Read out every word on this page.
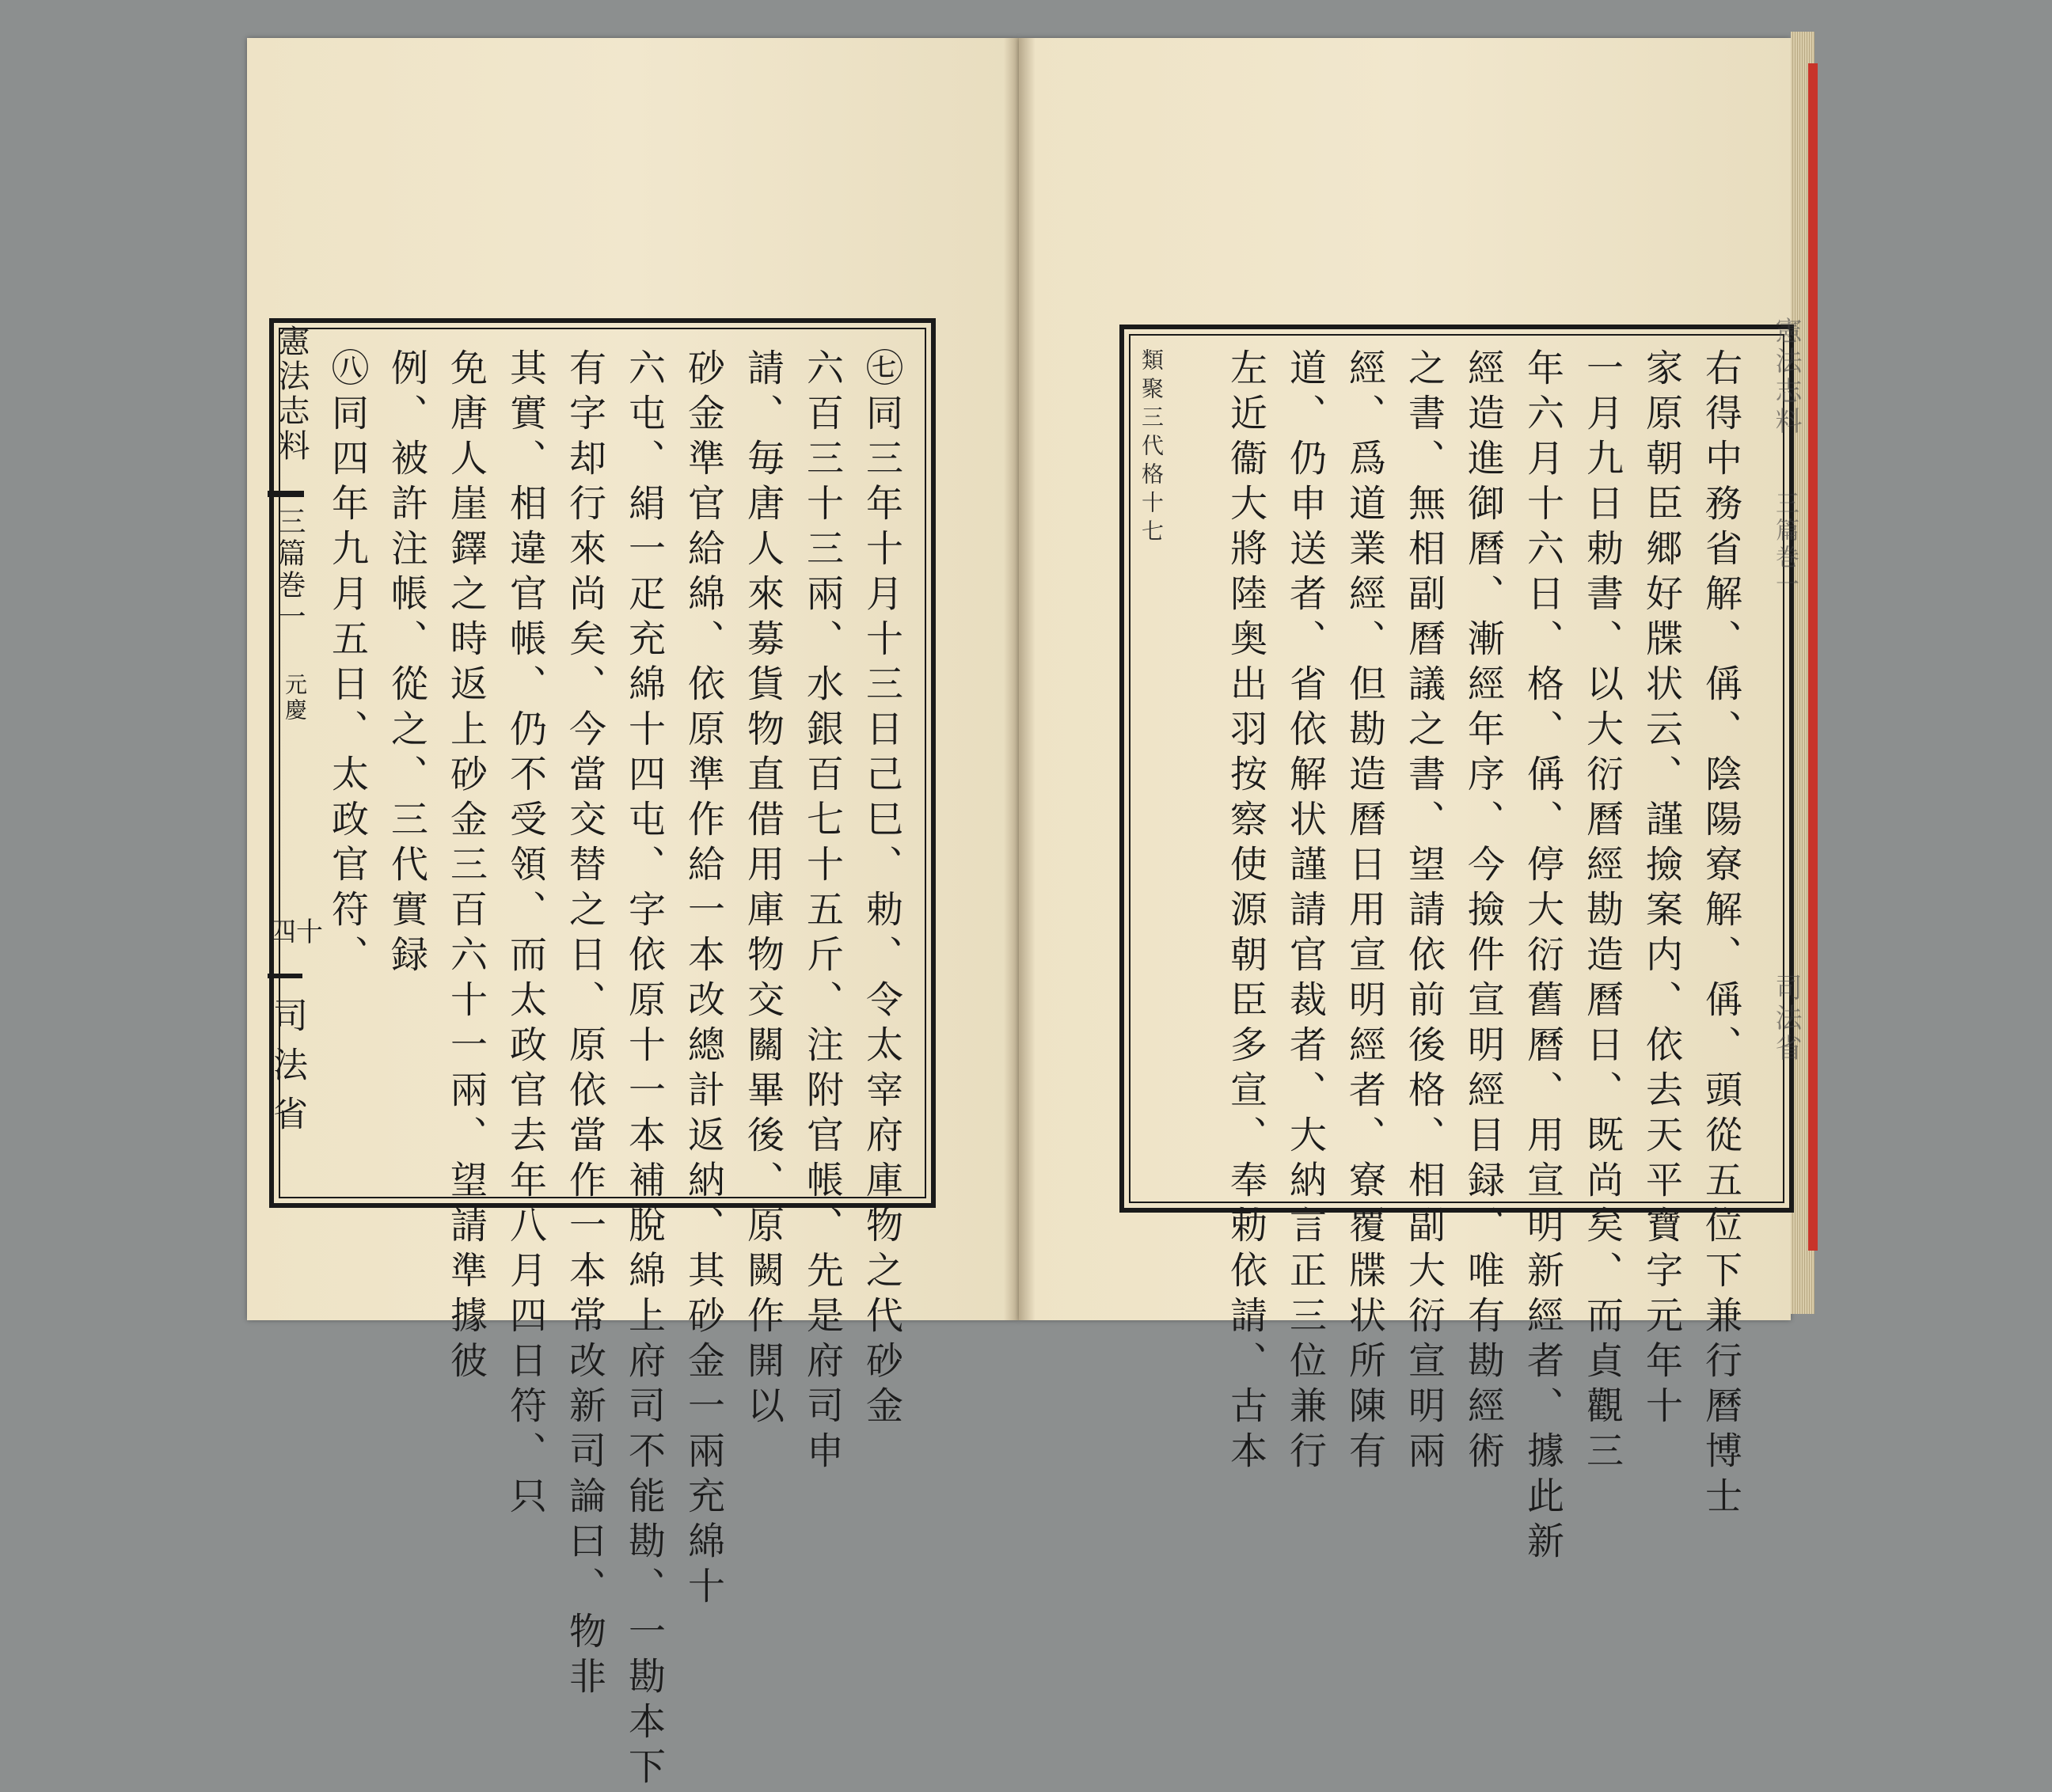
憲法志料
三篇巻一
元慶
四十
司法省	㊆同三年十月十三日己巳、勅、令太宰府庫物之代砂金
六百三十三兩、水銀百七十五斤、注附官帳、先是府司申
請、毎唐人來募貨物直借用庫物交關畢後、原闕作開以
砂金準官給綿、依原準作給一本改總計返納、其砂金一兩充綿十
六屯、絹一疋充綿十四屯、字依原十一本補脫綿上府司不能勘、一勘本下
有字却行來尚矣、今當交替之日、原依當作一本常改新司論曰、物非
其實、相違官帳、仍不受領、而太政官去年八月四日符、只
免唐人崖鐸之時返上砂金三百六十一兩、望請準據彼
例、被許注帳、從之、三代實録
㊇同四年九月五日、太政官符、	右得中務省解、偁、陰陽寮解、偁、頭從五位下兼行曆博士
家原朝臣郷好牒状云、謹撿案内、依去天平寶字元年十
一月九日勅書、以大衍曆經勘造曆日、既尚矣、而貞觀三
年六月十六日、格、偁、停大衍舊曆、用宣明新經者、據此新
經造進御曆、漸經年序、今撿件宣明經目録、唯有勘經術
之書、無相副曆議之書、望請依前後格、相副大衍宣明兩
經、爲道業經、但勘造曆日用宣明經者、寮覆牒状所陳有
道、仍申送者、省依解状謹請官裁者、大納言正三位兼行
左近衞大將陸奥出羽按察使源朝臣多宣、奉勅依請、古本
類聚三代格十七	憲法志料
三篇巻一
司法省
